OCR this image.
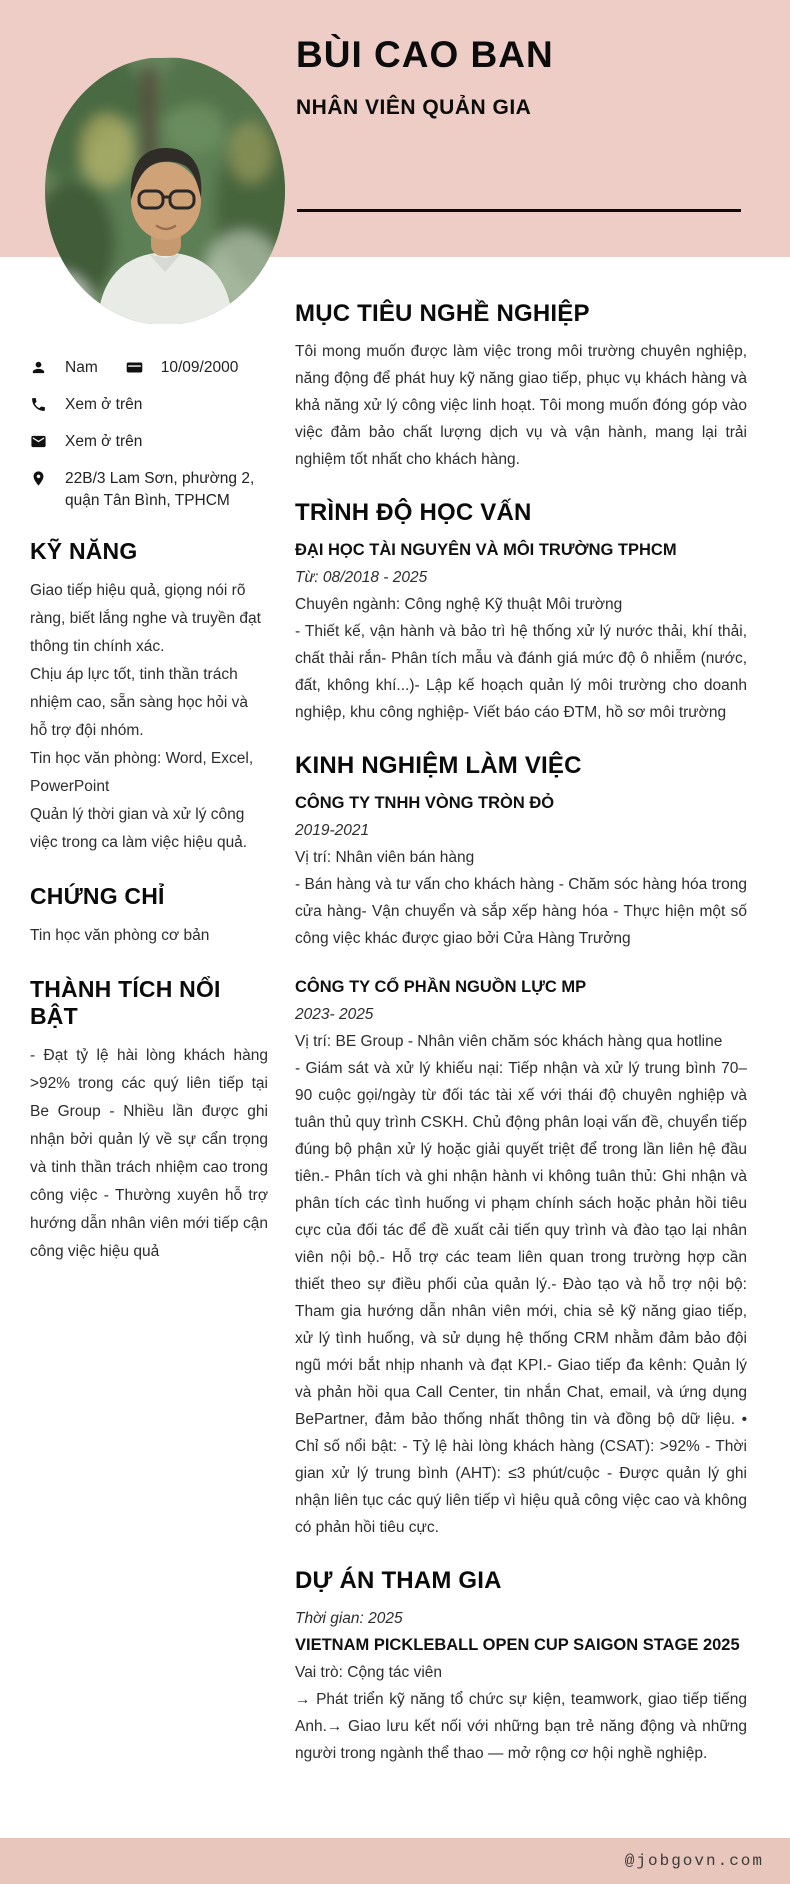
BÙI CAO BAN
NHÂN VIÊN QUẢN GIA
Nam	10/09/2000
Xem ở trên
Xem ở trên
22B/3 Lam Sơn, phường 2, quận Tân Bình, TPHCM
KỸ NĂNG

Giao tiếp hiệu quả, giọng nói rõ ràng, biết lắng nghe và truyền đạt thông tin chính xác.

Chịu áp lực tốt, tinh thần trách nhiệm cao, sẵn sàng học hỏi và hỗ trợ đội nhóm.

Tin học văn phòng: Word, Excel, PowerPoint

Quản lý thời gian và xử lý công việc trong ca làm việc hiệu quả.

CHỨNG CHỈ

Tin học văn phòng cơ bản

THÀNH TÍCH NỔI BẬT

- Đạt tỷ lệ hài lòng khách hàng >92% trong các quý liên tiếp tại Be Group - Nhiều lần được ghi nhận bởi quản lý về sự cẩn trọng và tinh thần trách nhiệm cao trong công việc - Thường xuyên hỗ trợ hướng dẫn nhân viên mới tiếp cận công việc hiệu quả

MỤC TIÊU NGHỀ NGHIỆP

Tôi mong muốn được làm việc trong môi trường chuyên nghiệp, năng động để phát huy kỹ năng giao tiếp, phục vụ khách hàng và khả năng xử lý công việc linh hoạt. Tôi mong muốn đóng góp vào việc đảm bảo chất lượng dịch vụ và vận hành, mang lại trải nghiệm tốt nhất cho khách hàng.

TRÌNH ĐỘ HỌC VẤN
ĐẠI HỌC TÀI NGUYÊN VÀ MÔI TRƯỜNG TPHCM
Từ: 08/2018 - 2025
Chuyên ngành: Công nghệ Kỹ thuật Môi trường

- Thiết kế, vận hành và bảo trì hệ thống xử lý nước thải, khí thải, chất thải rắn- Phân tích mẫu và đánh giá mức độ ô nhiễm (nước, đất, không khí...)- Lập kế hoạch quản lý môi trường cho doanh nghiệp, khu công nghiệp- Viết báo cáo ĐTM, hồ sơ môi trường

KINH NGHIỆM LÀM VIỆC
CÔNG TY TNHH VÒNG TRÒN ĐỎ
2019-2021
Vị trí: Nhân viên bán hàng

- Bán hàng và tư vấn cho khách hàng - Chăm sóc hàng hóa trong cửa hàng- Vận chuyển và sắp xếp hàng hóa - Thực hiện một số công việc khác được giao bởi Cửa Hàng Trưởng

CÔNG TY CỔ PHẦN NGUỒN LỰC MP
2023- 2025
Vị trí: BE Group - Nhân viên chăm sóc khách hàng qua hotline

- Giám sát và xử lý khiếu nại: Tiếp nhận và xử lý trung bình 70–90 cuộc gọi/ngày từ đối tác tài xế với thái độ chuyên nghiệp và tuân thủ quy trình CSKH. Chủ động phân loại vấn đề, chuyển tiếp đúng bộ phận xử lý hoặc giải quyết triệt để trong lần liên hệ đầu tiên.- Phân tích và ghi nhận hành vi không tuân thủ: Ghi nhận và phân tích các tình huống vi phạm chính sách hoặc phản hồi tiêu cực của đối tác để đề xuất cải tiến quy trình và đào tạo lại nhân viên nội bộ.- Hỗ trợ các team liên quan trong trường hợp cần thiết theo sự điều phối của quản lý.- Đào tạo và hỗ trợ nội bộ: Tham gia hướng dẫn nhân viên mới, chia sẻ kỹ năng giao tiếp, xử lý tình huống, và sử dụng hệ thống CRM nhằm đảm bảo đội ngũ mới bắt nhịp nhanh và đạt KPI.- Giao tiếp đa kênh: Quản lý và phản hồi qua Call Center, tin nhắn Chat, email, và ứng dụng BePartner, đảm bảo thống nhất thông tin và đồng bộ dữ liệu. • Chỉ số nổi bật: - Tỷ lệ hài lòng khách hàng (CSAT): >92% - Thời gian xử lý trung bình (AHT): ≤3 phút/cuộc - Được quản lý ghi nhận liên tục các quý liên tiếp vì hiệu quả công việc cao và không có phản hồi tiêu cực.

DỰ ÁN THAM GIA
Thời gian: 2025
VIETNAM PICKLEBALL OPEN CUP SAIGON STAGE 2025
Vai trò: Cộng tác viên

→ Phát triển kỹ năng tổ chức sự kiện, teamwork, giao tiếp tiếng Anh.→ Giao lưu kết nối với những bạn trẻ năng động và những người trong ngành thể thao — mở rộng cơ hội nghề nghiệp.

@jobgovn.com
